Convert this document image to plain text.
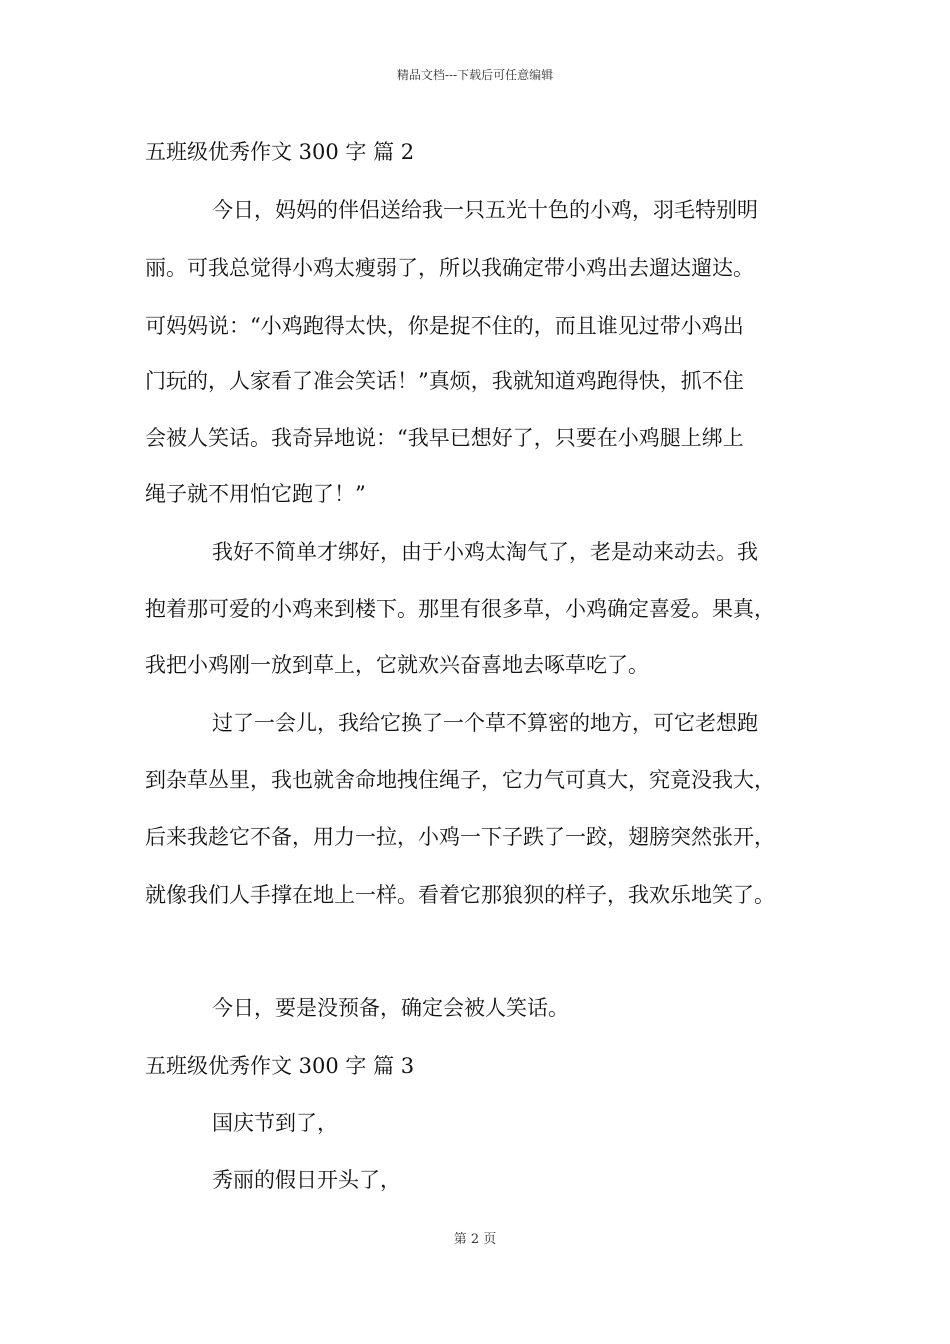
精品文档---下载后可任意编辑
五班级优秀作文 300 字 篇 2
今日，妈妈的伴侣送给我一只五光十色的小鸡，羽毛特别明
丽。可我总觉得小鸡太瘦弱了，所以我确定带小鸡出去遛达遛达。
可妈妈说：“小鸡跑得太快，你是捉不住的，而且谁见过带小鸡出
门玩的，人家看了准会笑话！”真烦，我就知道鸡跑得快，抓不住
会被人笑话。我奇异地说：“我早已想好了，只要在小鸡腿上绑上
绳子就不用怕它跑了！”
我好不简单才绑好，由于小鸡太淘气了，老是动来动去。我
抱着那可爱的小鸡来到楼下。那里有很多草，小鸡确定喜爱。果真，
我把小鸡刚一放到草上，它就欢兴奋喜地去啄草吃了。
过了一会儿，我给它换了一个草不算密的地方，可它老想跑
到杂草丛里，我也就舍命地拽住绳子，它力气可真大，究竟没我大，
后来我趁它不备，用力一拉，小鸡一下子跌了一跤，翅膀突然张开，
就像我们人手撑在地上一样。看着它那狼狈的样子，我欢乐地笑了。
今日，要是没预备，确定会被人笑话。
五班级优秀作文 300 字 篇 3
国庆节到了，
秀丽的假日开头了，
第 2 页
